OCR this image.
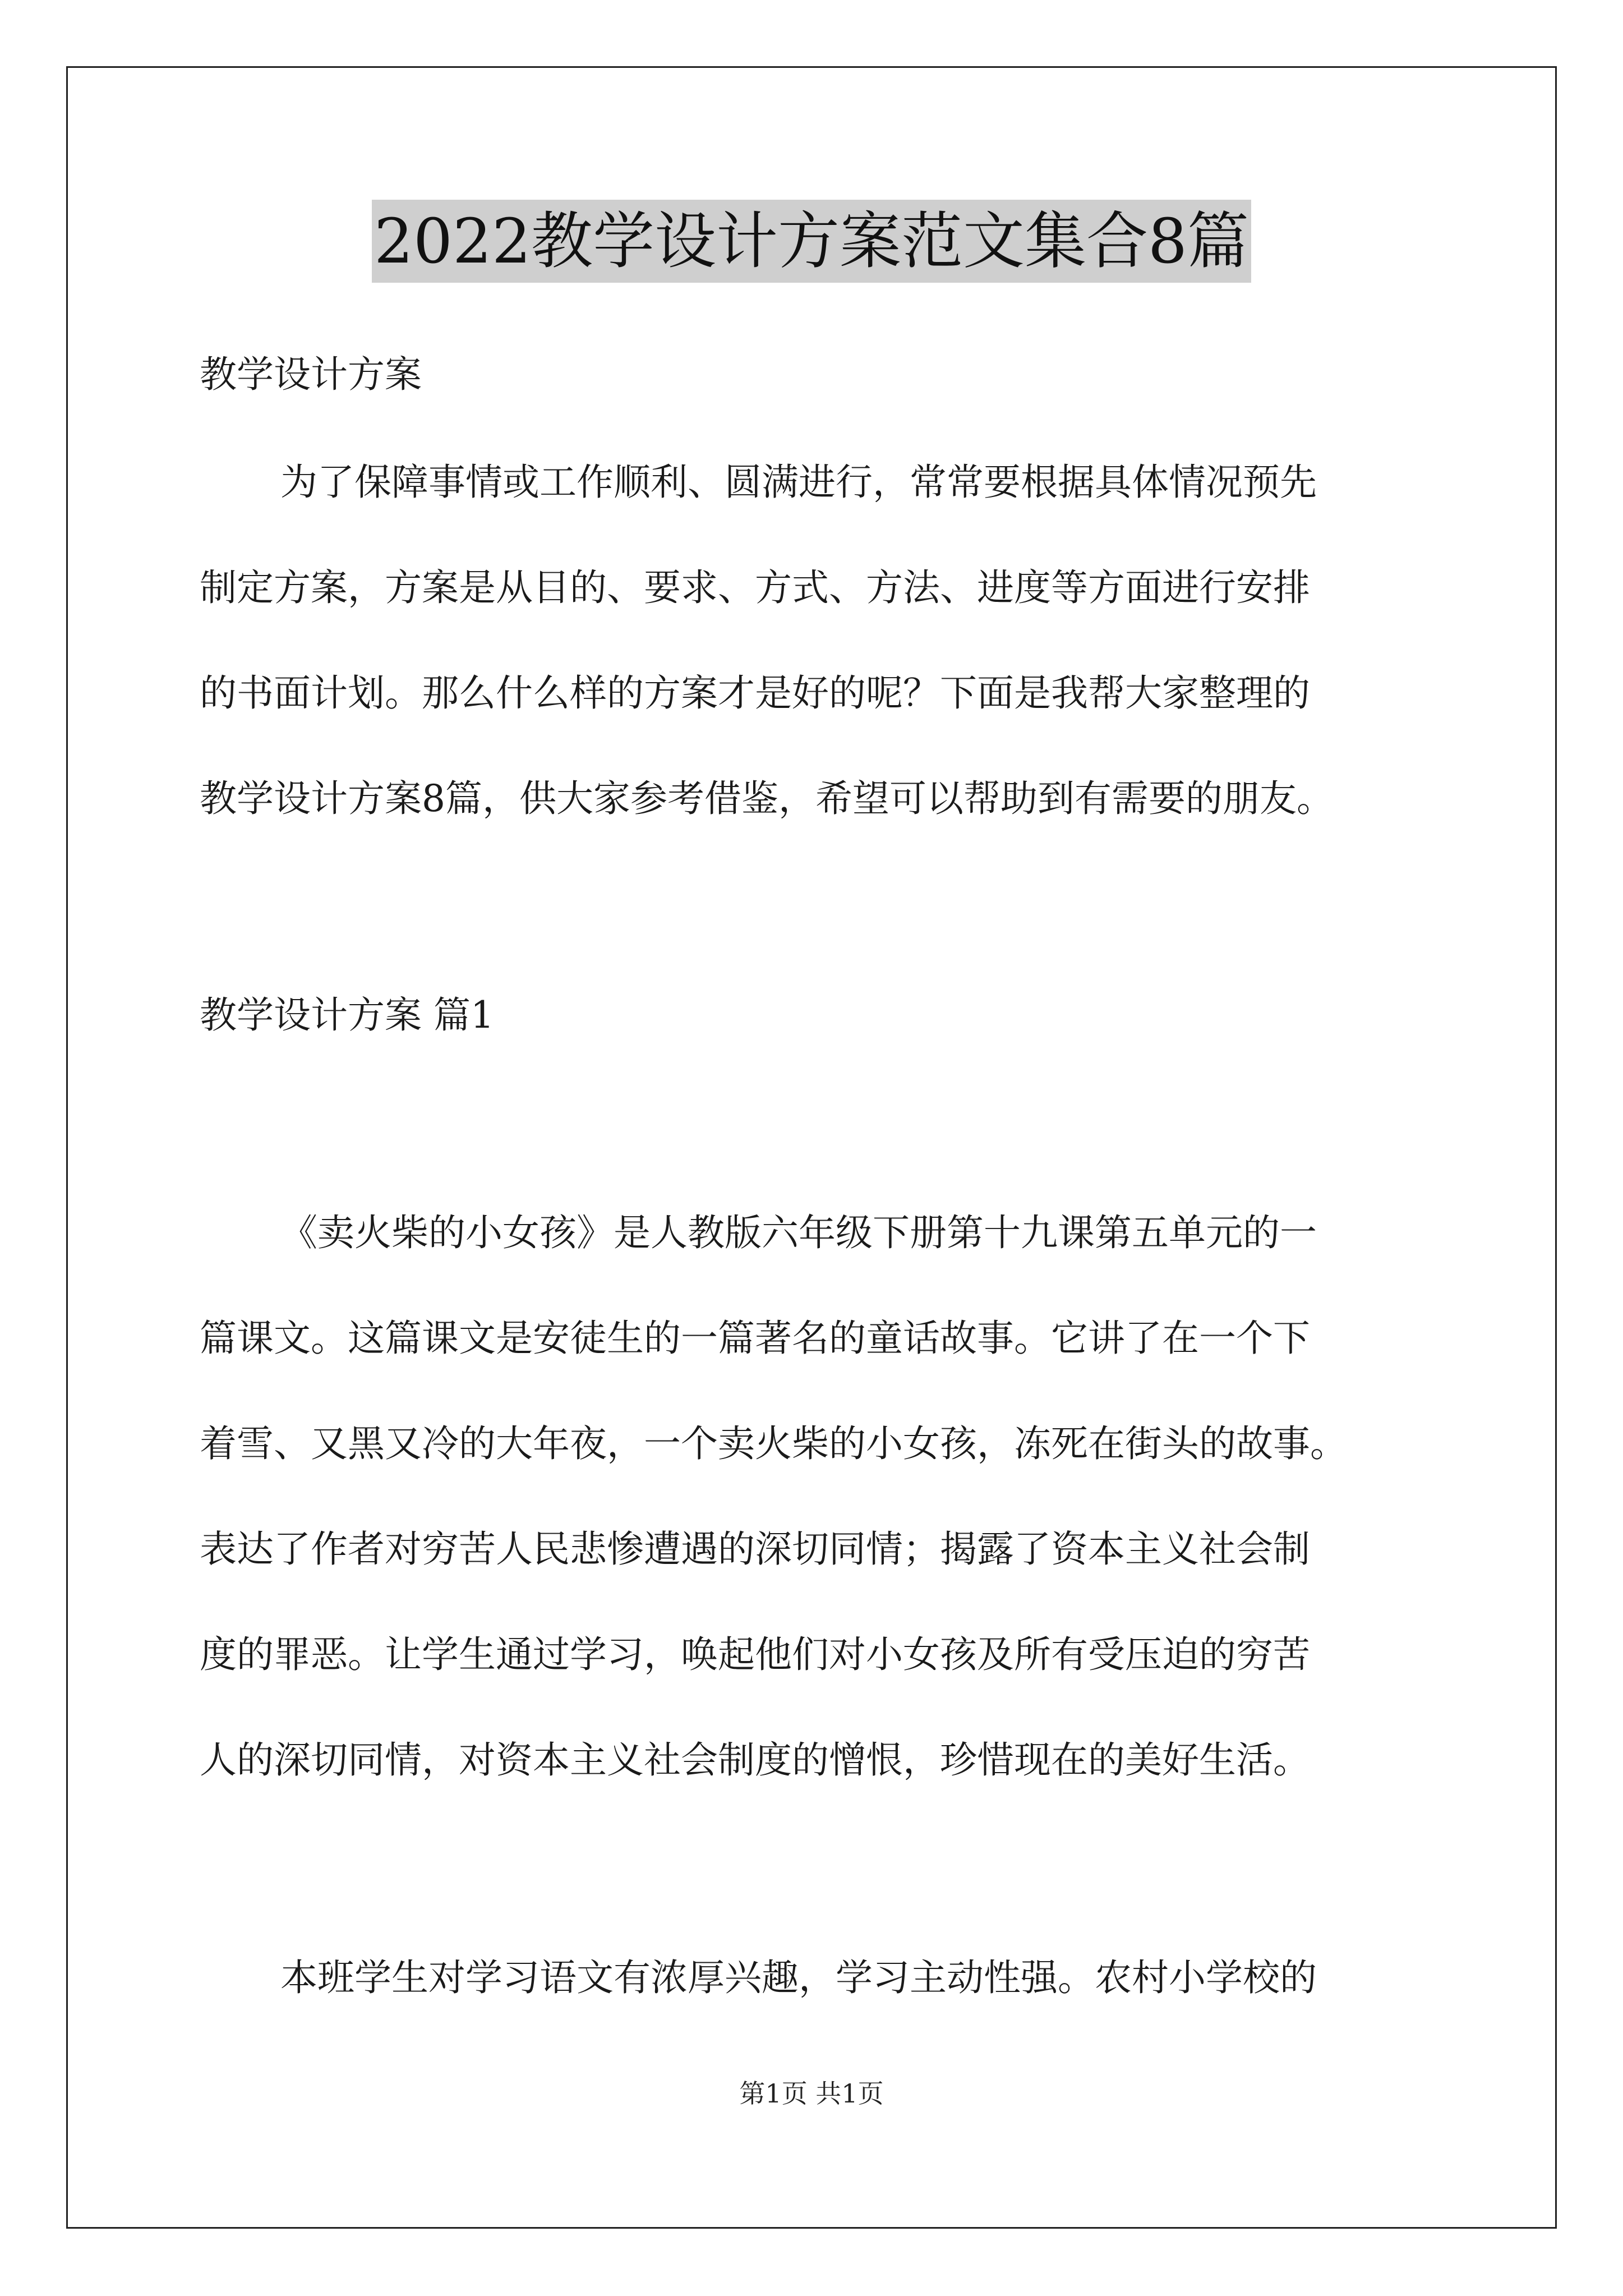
2022教学设计方案范文集合8篇
教学设计方案
为了保障事情或工作顺利、圆满进行，常常要根据具体情况预先
制定方案，方案是从目的、要求、方式、方法、进度等方面进行安排
的书面计划。那么什么样的方案才是好的呢？下面是我帮大家整理的
教学设计方案8篇，供大家参考借鉴，希望可以帮助到有需要的朋友。
教学设计方案 篇1
《卖火柴的小女孩》是人教版六年级下册第十九课第五单元的一
篇课文。这篇课文是安徒生的一篇著名的童话故事。它讲了在一个下
着雪、又黑又冷的大年夜，一个卖火柴的小女孩，冻死在街头的故事。
表达了作者对穷苦人民悲惨遭遇的深切同情；揭露了资本主义社会制
度的罪恶。让学生通过学习，唤起他们对小女孩及所有受压迫的穷苦
人的深切同情，对资本主义社会制度的憎恨，珍惜现在的美好生活。
本班学生对学习语文有浓厚兴趣，学习主动性强。农村小学校的
第1页 共1页
